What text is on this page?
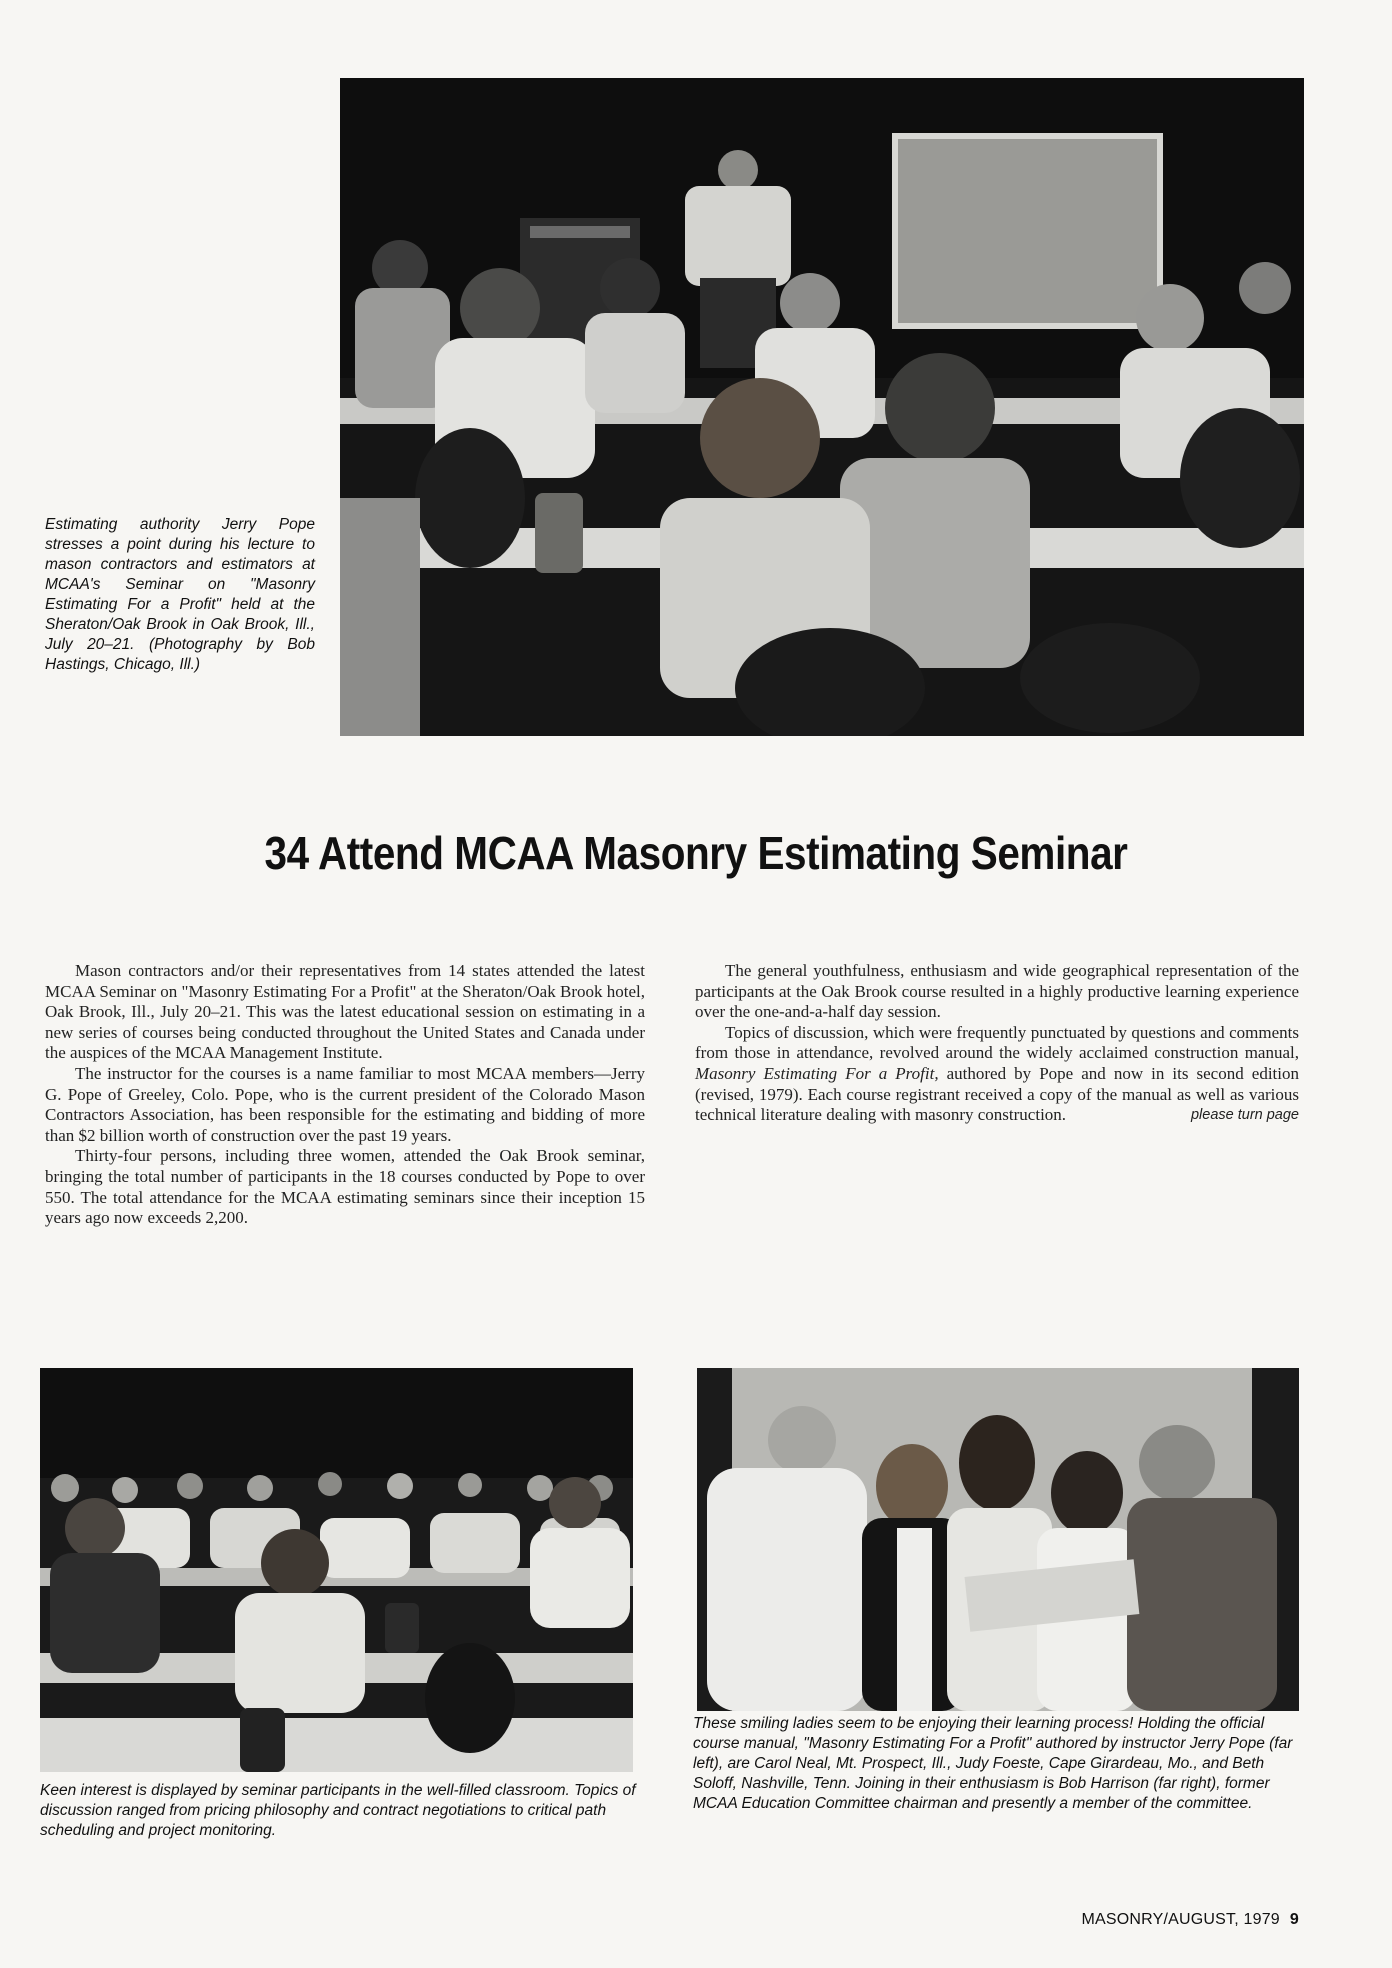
Estimating authority Jerry Pope stresses a point during his lecture to mason contractors and estimators at MCAA's Seminar on "Masonry Estimating For a Profit" held at the Sheraton/Oak Brook in Oak Brook, Ill., July 20–21. (Photography by Bob Hastings, Chicago, Ill.)
34 Attend MCAA Masonry Estimating Seminar

Mason contractors and/or their representatives from 14 states attended the latest MCAA Seminar on "Masonry Estimating For a Profit" at the Sheraton/Oak Brook hotel, Oak Brook, Ill., July 20–21. This was the latest educational session on estimating in a new series of courses being conducted throughout the United States and Canada under the auspices of the MCAA Management Institute.

The instructor for the courses is a name familiar to most MCAA members—Jerry G. Pope of Greeley, Colo. Pope, who is the current president of the Colorado Mason Contractors Association, has been responsible for the estimating and bidding of more than $2 billion worth of construction over the past 19 years.

Thirty-four persons, including three women, attended the Oak Brook seminar, bringing the total number of participants in the 18 courses conducted by Pope to over 550. The total attendance for the MCAA estimating seminars since their inception 15 years ago now exceeds 2,200.

The general youthfulness, enthusiasm and wide geographical representation of the participants at the Oak Brook course resulted in a highly productive learning experience over the one-and-a-half day session.

Topics of discussion, which were frequently punctuated by questions and comments from those in attendance, revolved around the widely acclaimed construction manual, Masonry Estimating For a Profit, authored by Pope and now in its second edition (revised, 1979). Each course registrant received a copy of the manual as well as various technical literature dealing with masonry construction.	please turn page

Keen interest is displayed by seminar participants in the well-filled classroom. Topics of discussion ranged from pricing philosophy and contract negotiations to critical path scheduling and project monitoring.
These smiling ladies seem to be enjoying their learning process! Holding the official course manual, "Masonry Estimating For a Profit" authored by instructor Jerry Pope (far left), are Carol Neal, Mt. Prospect, Ill., Judy Foeste, Cape Girardeau, Mo., and Beth Soloff, Nashville, Tenn. Joining in their enthusiasm is Bob Harrison (far right), former MCAA Education Committee chairman and presently a member of the committee.
MASONRY/AUGUST, 1979 9
